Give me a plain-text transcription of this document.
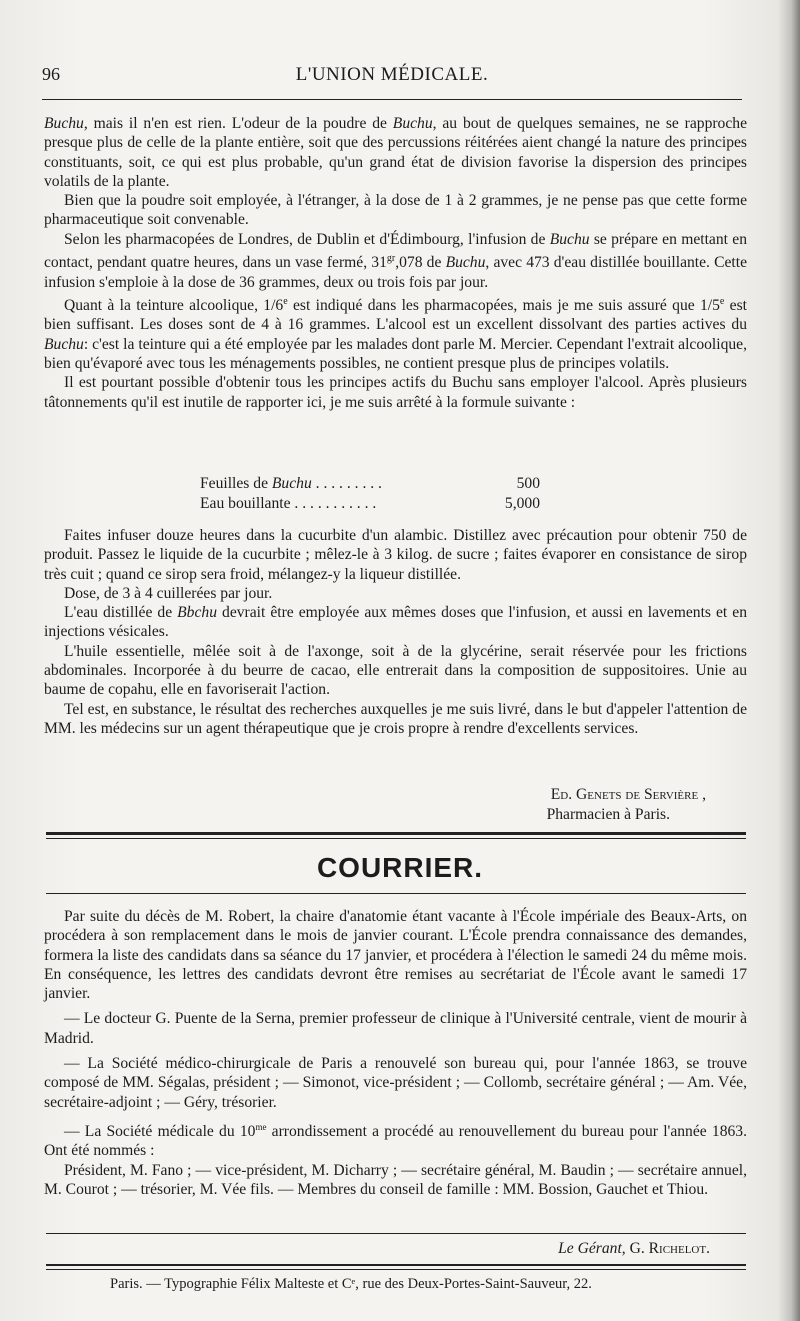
96	L'UNION MÉDICALE.

Buchu, mais il n'en est rien. L'odeur de la poudre de Buchu, au bout de quelques semaines, ne se rapproche presque plus de celle de la plante entière, soit que des percussions réitérées aient changé la nature des principes constituants, soit, ce qui est plus probable, qu'un grand état de division favorise la dispersion des principes volatils de la plante.

Bien que la poudre soit employée, à l'étranger, à la dose de 1 à 2 grammes, je ne pense pas que cette forme pharmaceutique soit convenable.

Selon les pharmacopées de Londres, de Dublin et d'Édimbourg, l'infusion de Buchu se prépare en mettant en contact, pendant quatre heures, dans un vase fermé, $31^{gr},078$ de Buchu, avec 473 d'eau distillée bouillante. Cette infusion s'emploie à la dose de 36 grammes, deux ou trois fois par jour.

Quant à la teinture alcoolique, 1/6e est indiqué dans les pharmacopées, mais je me suis assuré que 1/5e est bien suffisant. Les doses sont de 4 à 16 grammes. L'alcool est un excellent dissolvant des parties actives du Buchu: c'est la teinture qui a été employée par les malades dont parle M. Mercier. Cependant l'extrait alcoolique, bien qu'évaporé avec tous les ménagements possibles, ne contient presque plus de principes volatils.

Il est pourtant possible d'obtenir tous les principes actifs du Buchu sans employer l'alcool. Après plusieurs tâtonnements qu'il est inutile de rapporter ici, je me suis arrêté à la formule suivante :

Feuilles de Buchu . . . . . . . . .	500
Eau bouillante . . . . . . . . . . .	5,000

Faites infuser douze heures dans la cucurbite d'un alambic. Distillez avec précaution pour obtenir 750 de produit. Passez le liquide de la cucurbite ; mêlez-le à 3 kilog. de sucre ; faites évaporer en consistance de sirop très cuit ; quand ce sirop sera froid, mélangez-y la liqueur distillée.

Dose, de 3 à 4 cuillerées par jour.

L'eau distillée de Bbchu devrait être employée aux mêmes doses que l'infusion, et aussi en lavements et en injections vésicales.

L'huile essentielle, mêlée soit à de l'axonge, soit à de la glycérine, serait réservée pour les frictions abdominales. Incorporée à du beurre de cacao, elle entrerait dans la composition de suppositoires. Unie au baume de copahu, elle en favoriserait l'action.

Tel est, en substance, le résultat des recherches auxquelles je me suis livré, dans le but d'appeler l'attention de MM. les médecins sur un agent thérapeutique que je crois propre à rendre d'excellents services.

Ed. Genets de Servière ,
Pharmacien à Paris.
COURRIER.

Par suite du décès de M. Robert, la chaire d'anatomie étant vacante à l'École impériale des Beaux-Arts, on procédera à son remplacement dans le mois de janvier courant. L'École prendra connaissance des demandes, formera la liste des candidats dans sa séance du 17 janvier, et procédera à l'élection le samedi 24 du même mois. En conséquence, les lettres des candidats devront être remises au secrétariat de l'École avant le samedi 17 janvier.

— Le docteur G. Puente de la Serna, premier professeur de clinique à l'Université centrale, vient de mourir à Madrid.

— La Société médico-chirurgicale de Paris a renouvelé son bureau qui, pour l'année 1863, se trouve composé de MM. Ségalas, président ; — Simonot, vice-président ; — Collomb, secrétaire général ; — Am. Vée, secrétaire-adjoint ; — Géry, trésorier.

— La Société médicale du $10^{me}$ arrondissement a procédé au renouvellement du bureau pour l'année 1863. Ont été nommés :

Président, M. Fano ; — vice-président, M. Dicharry ; — secrétaire général, M. Baudin ; — secrétaire annuel, M. Courot ; — trésorier, M. Vée fils. — Membres du conseil de famille : MM. Bossion, Gauchet et Thiou.

Le Gérant, G. Richelot.
Paris. — Typographie Félix Malteste et Cᵉ, rue des Deux-Portes-Saint-Sauveur, 22.
